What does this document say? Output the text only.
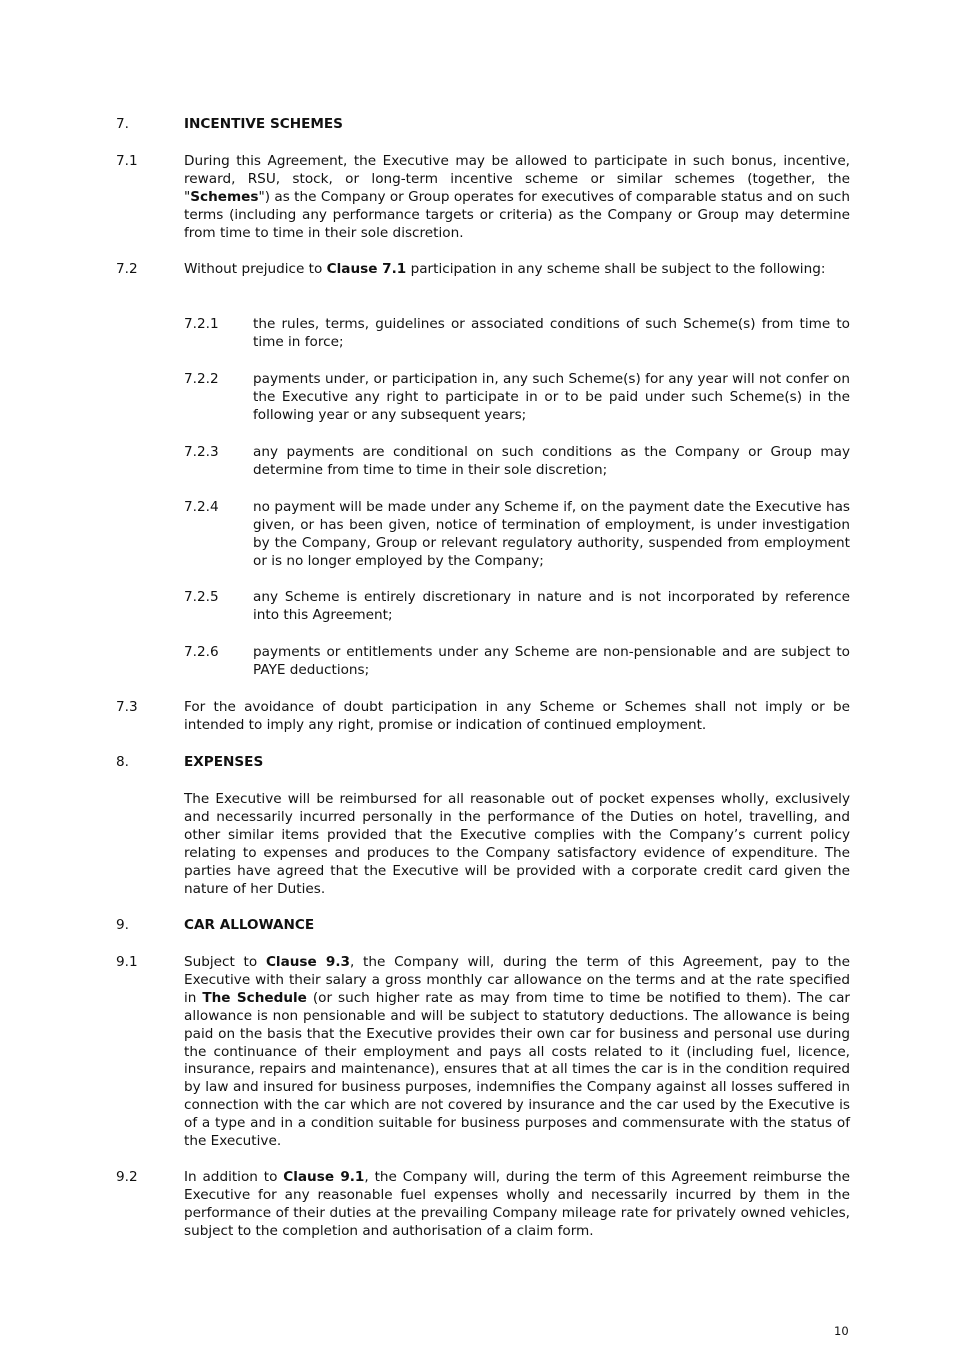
7.	INCENTIVE SCHEMES
7.1	During this Agreement, the Executive may be allowed to participate in such bonus, incentive, reward, RSU, stock, or long-term incentive scheme or similar schemes (together, the "Schemes") as the Company or Group operates for executives of comparable status and on such terms (including any performance targets or criteria) as the Company or Group may determine from time to time in their sole discretion.
7.2	Without prejudice to Clause 7.1 participation in any scheme shall be subject to the following:
7.2.1	the rules, terms, guidelines or associated conditions of such Scheme(s) from time to time in force;
7.2.2	payments under, or participation in, any such Scheme(s) for any year will not confer on the Executive any right to participate in or to be paid under such Scheme(s) in the following year or any subsequent years;
7.2.3	any payments are conditional on such conditions as the Company or Group may determine from time to time in their sole discretion;
7.2.4	no payment will be made under any Scheme if, on the payment date the Executive has given, or has been given, notice of termination of employment, is under investigation by the Company, Group or relevant regulatory authority, suspended from employment or is no longer employed by the Company;
7.2.5	any Scheme is entirely discretionary in nature and is not incorporated by reference into this Agreement;
7.2.6	payments or entitlements under any Scheme are non-pensionable and are subject to PAYE deductions;
7.3	For the avoidance of doubt participation in any Scheme or Schemes shall not imply or be intended to imply any right, promise or indication of continued employment.
8.	EXPENSES
The Executive will be reimbursed for all reasonable out of pocket expenses wholly, exclusively and necessarily incurred personally in the performance of the Duties on hotel, travelling, and other similar items provided that the Executive complies with the Company’s current policy relating to expenses and produces to the Company satisfactory evidence of expenditure. The parties have agreed that the Executive will be provided with a corporate credit card given the nature of her Duties.
9.	CAR ALLOWANCE
9.1	Subject to Clause 9.3, the Company will, during the term of this Agreement, pay to the Executive with their salary a gross monthly car allowance on the terms and at the rate specified in The Schedule (or such higher rate as may from time to time be notified to them). The car allowance is non pensionable and will be subject to statutory deductions. The allowance is being paid on the basis that the Executive provides their own car for business and personal use during the continuance of their employment and pays all costs related to it (including fuel, licence, insurance, repairs and maintenance), ensures that at all times the car is in the condition required by law and insured for business purposes, indemnifies the Company against all losses suffered in connection with the car which are not covered by insurance and the car used by the Executive is of a type and in a condition suitable for business purposes and commensurate with the status of the Executive.
9.2	In addition to Clause 9.1, the Company will, during the term of this Agreement reimburse the Executive for any reasonable fuel expenses wholly and necessarily incurred by them in the performance of their duties at the prevailing Company mileage rate for privately owned vehicles, subject to the completion and authorisation of a claim form.
10
